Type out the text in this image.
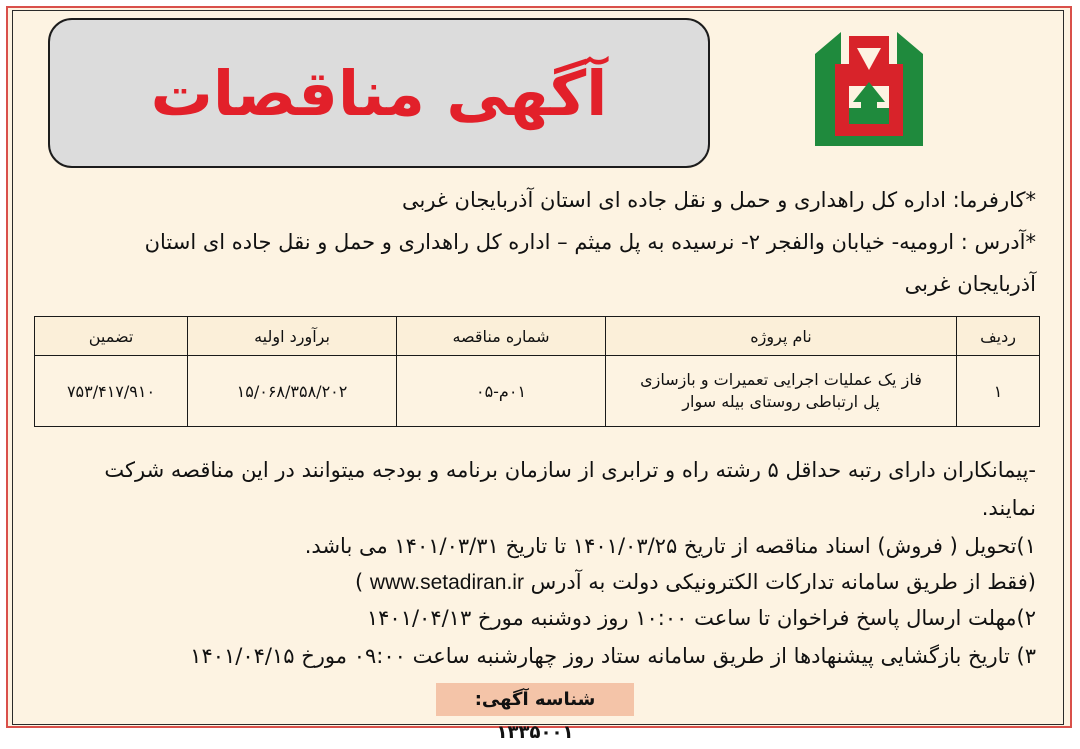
آگهی مناقصات
*کارفرما: اداره کل راهداری و حمل و نقل جاده ای استان آذربایجان غربی
*آدرس : ارومیه- خیابان والفجر ۲- نرسیده به پل میثم – اداره کل راهداری و حمل و نقل جاده ای استان
آذربایجان غربی
ردیف	نام پروژه	شماره مناقصه	برآورد اولیه	تضمین
۱	فاز یک عملیات اجرایی تعمیرات و بازسازی
پل ارتباطی روستای بیله سوار	۰۱م-۰۵	۱۵/۰۶۸/۳۵۸/۲۰۲	۷۵۳/۴۱۷/۹۱۰
-پیمانکاران دارای رتبه حداقل ۵ رشته راه و ترابری از سازمان برنامه و بودجه میتوانند در این مناقصه شرکت
نمایند.
۱)تحویل ( فروش) اسناد مناقصه از تاریخ ۱۴۰۱/۰۳/۲۵ تا تاریخ ۱۴۰۱/۰۳/۳۱ می باشد.
(فقط از طریق سامانه تدارکات الکترونیکی دولت به آدرس www.setadiran.ir )
۲)مهلت ارسال پاسخ فراخوان تا ساعت ۱۰:۰۰ روز دوشنبه مورخ ۱۴۰۱/۰۴/۱۳
۳) تاریخ بازگشایی پیشنهادها از طریق سامانه ستاد روز چهارشنبه ساعت ۰۹:۰۰ مورخ ۱۴۰۱/۰۴/۱۵
شناسه آگهی: ۱۳۳۵۰۰۱
